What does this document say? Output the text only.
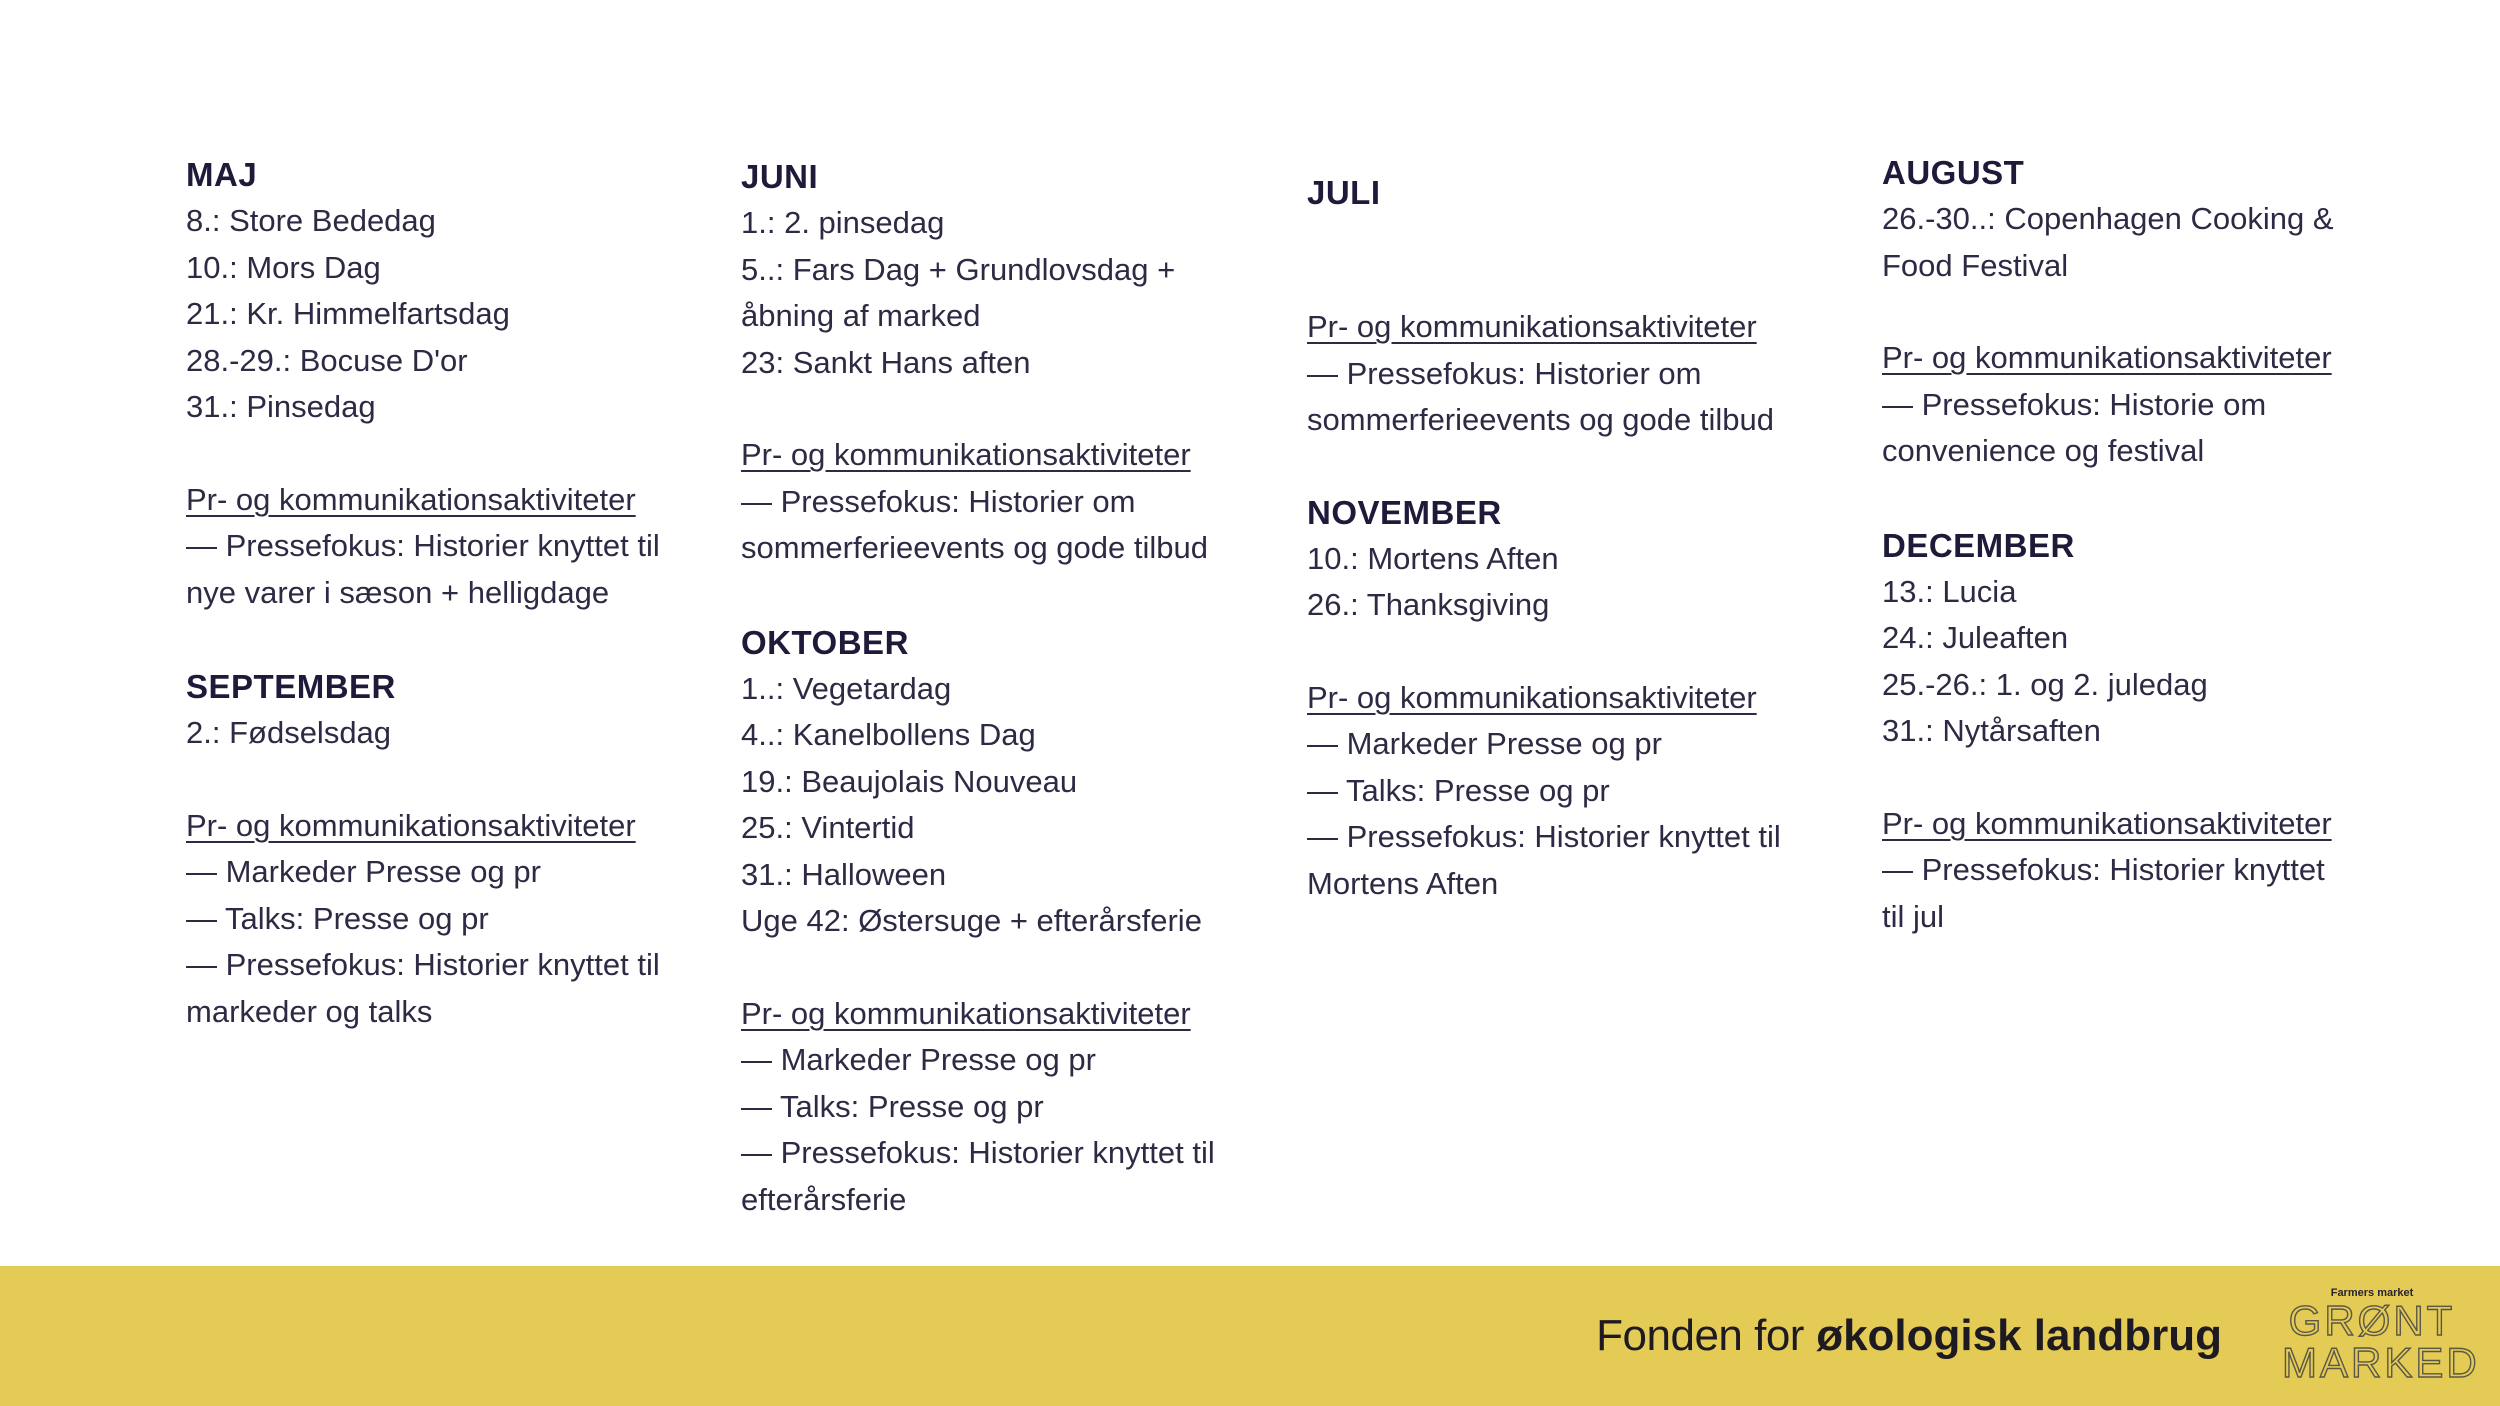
MAJ
8.: Store Bededag
10.: Mors Dag
21.: Kr. Himmelfartsdag
28.-29.: Bocuse D'or
31.: Pinsedag
Pr- og kommunikationsaktiviteter
— Pressefokus: Historier knyttet til
nye varer i sæson + helligdage
SEPTEMBER
2.: Fødselsdag
Pr- og kommunikationsaktiviteter
— Markeder Presse og pr
— Talks: Presse og pr
— Pressefokus: Historier knyttet til
markeder og talks
JUNI
1.: 2. pinsedag
5..: Fars Dag + Grundlovsdag +
åbning af marked
23: Sankt Hans aften
Pr- og kommunikationsaktiviteter
— Pressefokus: Historier om
sommerferieevents og gode tilbud
OKTOBER
1..: Vegetardag
4..: Kanelbollens Dag
19.: Beaujolais Nouveau
25.: Vintertid
31.: Halloween
Uge 42: Østersuge + efterårsferie
Pr- og kommunikationsaktiviteter
— Markeder Presse og pr
— Talks: Presse og pr
— Pressefokus: Historier knyttet til
efterårsferie
JULI
Pr- og kommunikationsaktiviteter
— Pressefokus: Historier om
sommerferieevents og gode tilbud
NOVEMBER
10.: Mortens Aften
26.: Thanksgiving
Pr- og kommunikationsaktiviteter
— Markeder Presse og pr
— Talks: Presse og pr
— Pressefokus: Historier knyttet til
Mortens Aften
AUGUST
26.-30..: Copenhagen Cooking &
Food Festival
Pr- og kommunikationsaktiviteter
— Pressefokus: Historie om
convenience og festival
DECEMBER
13.: Lucia
24.: Juleaften
25.-26.: 1. og 2. juledag
31.: Nytårsaften
Pr- og kommunikationsaktiviteter
— Pressefokus: Historier knyttet
til jul
Fonden for økologisk landbrug
Farmers market
GRØNT
MARKED
